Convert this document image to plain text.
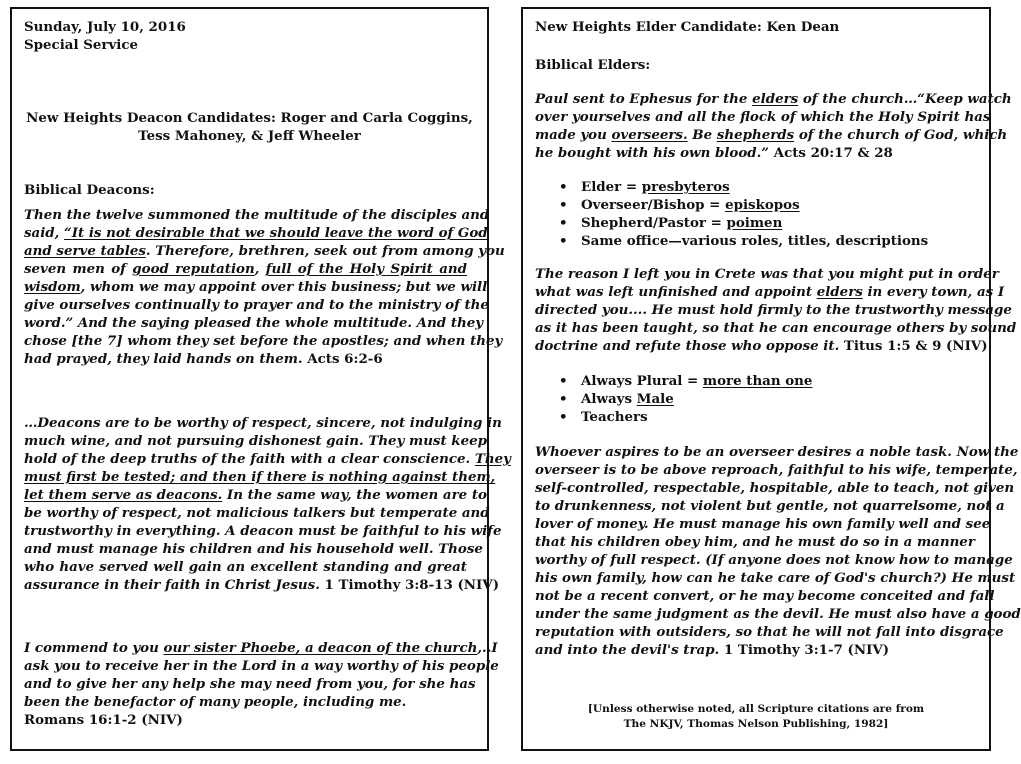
Sunday, July 10, 2016
Special Service
New Heights Deacon Candidates: Roger and Carla Coggins,
Tess Mahoney, & Jeff Wheeler
Biblical Deacons:
Then the twelve summoned the multitude of the disciples and
said, “It is not desirable that we should leave the word of God
and serve tables. Therefore, brethren, seek out from among you
seven men of good reputation, full of the Holy Spirit and
wisdom, whom we may appoint over this business; but we will
give ourselves continually to prayer and to the ministry of the
word.” And the saying pleased the whole multitude. And they
chose [the 7] whom they set before the apostles; and when they
had prayed, they laid hands on them. Acts 6:2-6
…Deacons are to be worthy of respect, sincere, not indulging in
much wine, and not pursuing dishonest gain. They must keep
hold of the deep truths of the faith with a clear conscience. They
must first be tested; and then if there is nothing against them,
let them serve as deacons. In the same way, the women are to
be worthy of respect, not malicious talkers but temperate and
trustworthy in everything. A deacon must be faithful to his wife
and must manage his children and his household well. Those
who have served well gain an excellent standing and great
assurance in their faith in Christ Jesus. 1 Timothy 3:8-13 (NIV)
I commend to you our sister Phoebe, a deacon of the church,..I
ask you to receive her in the Lord in a way worthy of his people
and to give her any help she may need from you, for she has
been the benefactor of many people, including me.
Romans 16:1-2 (NIV)
New Heights Elder Candidate: Ken Dean
Biblical Elders:
Paul sent to Ephesus for the elders of the church…“Keep watch
over yourselves and all the flock of which the Holy Spirit has
made you overseers. Be shepherds of the church of God, which
he bought with his own blood.” Acts 20:17 & 28
• Elder = presbyteros
• Overseer/Bishop = episkopos
• Shepherd/Pastor = poimen
• Same office—various roles, titles, descriptions
The reason I left you in Crete was that you might put in order
what was left unfinished and appoint elders in every town, as I
directed you.... He must hold firmly to the trustworthy message
as it has been taught, so that he can encourage others by sound
doctrine and refute those who oppose it. Titus 1:5 & 9 (NIV)
• Always Plural = more than one
• Always Male
• Teachers
Whoever aspires to be an overseer desires a noble task. Now the
overseer is to be above reproach, faithful to his wife, temperate,
self-controlled, respectable, hospitable, able to teach, not given
to drunkenness, not violent but gentle, not quarrelsome, not a
lover of money. He must manage his own family well and see
that his children obey him, and he must do so in a manner
worthy of full respect. (If anyone does not know how to manage
his own family, how can he take care of God's church?) He must
not be a recent convert, or he may become conceited and fall
under the same judgment as the devil. He must also have a good
reputation with outsiders, so that he will not fall into disgrace
and into the devil's trap. 1 Timothy 3:1-7 (NIV)
[Unless otherwise noted, all Scripture citations are from
The NKJV, Thomas Nelson Publishing, 1982]
